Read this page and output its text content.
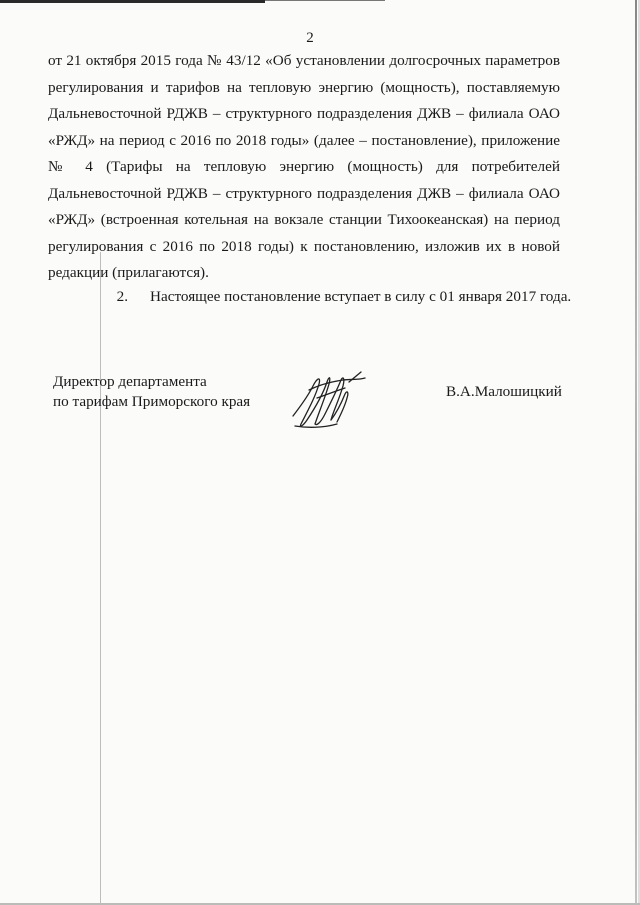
2

от 21 октября 2015 года № 43/12 «Об установлении долгосрочных параметров регулирования и тарифов на тепловую энергию (мощность), поставляемую Дальневосточной РДЖВ – структурного подразделения ДЖВ – филиала ОАО «РЖД» на период с 2016 по 2018 годы» (далее – постановление), приложение № 4 (Тарифы на тепловую энергию (мощность) для потребителей Дальневосточной РДЖВ – структурного подразделения ДЖВ – филиала ОАО «РЖД» (встроенная котельная на вокзале станции Тихоокеанская) на период регулирования с 2016 по 2018 годы) к постановлению, изложив их в новой редакции (прилагаются).

2. Настоящее постановление вступает в силу с 01 января 2017 года.
Директор департамента
по тарифам Приморского края
В.А.Малошицкий
